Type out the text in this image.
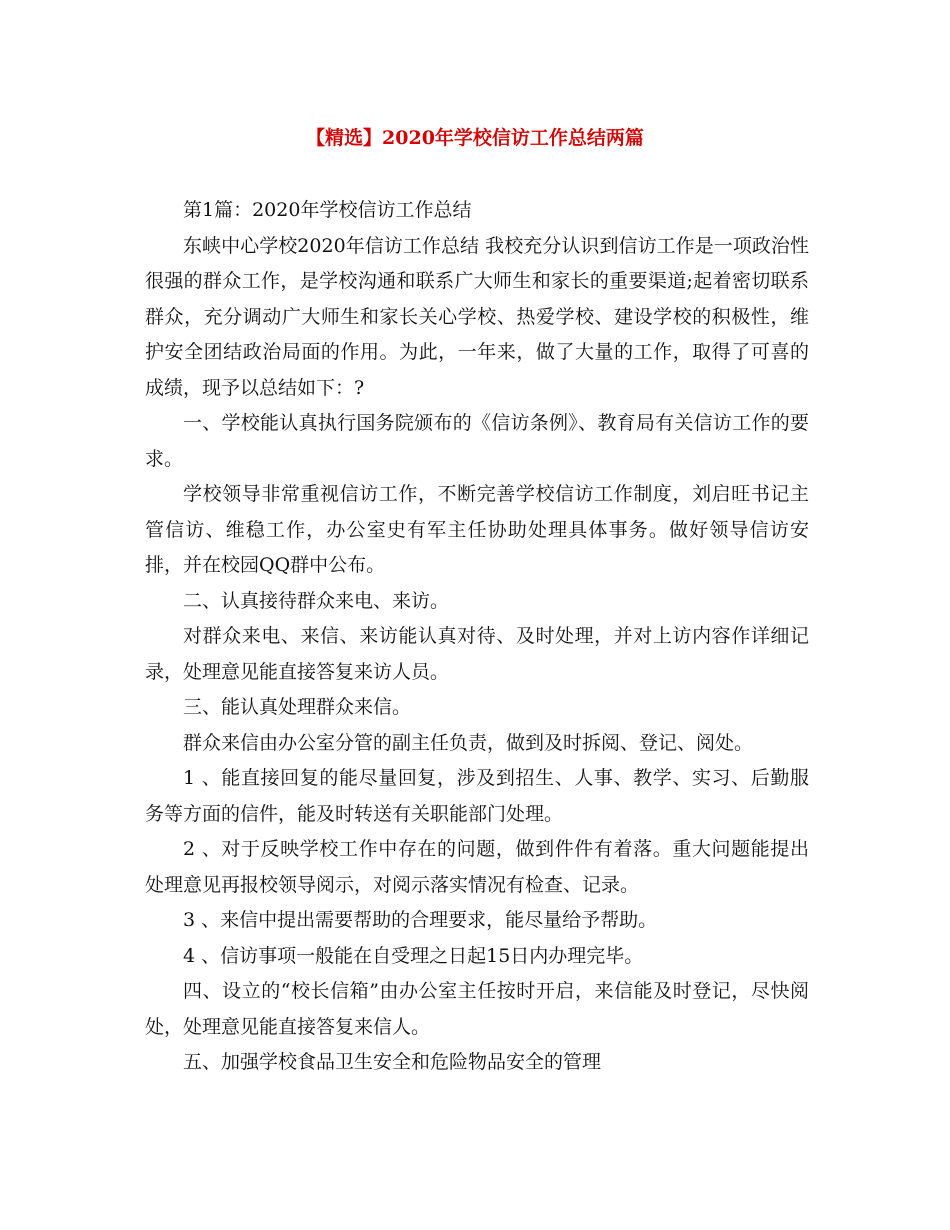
【精选】2020年学校信访工作总结两篇

第1篇：2020年学校信访工作总结

东峡中心学校2020年信访工作总结 我校充分认识到信访工作是一项政治性很强的群众工作，是学校沟通和联系广大师生和家长的重要渠道;起着密切联系群众，充分调动广大师生和家长关心学校、热爱学校、建设学校的积极性，维护安全团结政治局面的作用。为此，一年来，做了大量的工作，取得了可喜的成绩，现予以总结如下：?

一、学校能认真执行国务院颁布的《信访条例》、教育局有关信访工作的要求。

学校领导非常重视信访工作，不断完善学校信访工作制度，刘启旺书记主管信访、维稳工作，办公室史有军主任协助处理具体事务。做好领导信访安排，并在校园QQ群中公布。

二、认真接待群众来电、来访。

对群众来电、来信、来访能认真对待、及时处理，并对上访内容作详细记录，处理意见能直接答复来访人员。

三、能认真处理群众来信。

群众来信由办公室分管的副主任负责，做到及时拆阅、登记、阅处。

1 、能直接回复的能尽量回复，涉及到招生、人事、教学、实习、后勤服务等方面的信件，能及时转送有关职能部门处理。

2 、对于反映学校工作中存在的问题，做到件件有着落。重大问题能提出处理意见再报校领导阅示，对阅示落实情况有检查、记录。

3 、来信中提出需要帮助的合理要求，能尽量给予帮助。

4 、信访事项一般能在自受理之日起15日内办理完毕。

四、设立的“校长信箱”由办公室主任按时开启，来信能及时登记，尽快阅处，处理意见能直接答复来信人。

五、加强学校食品卫生安全和危险物品安全的管理
